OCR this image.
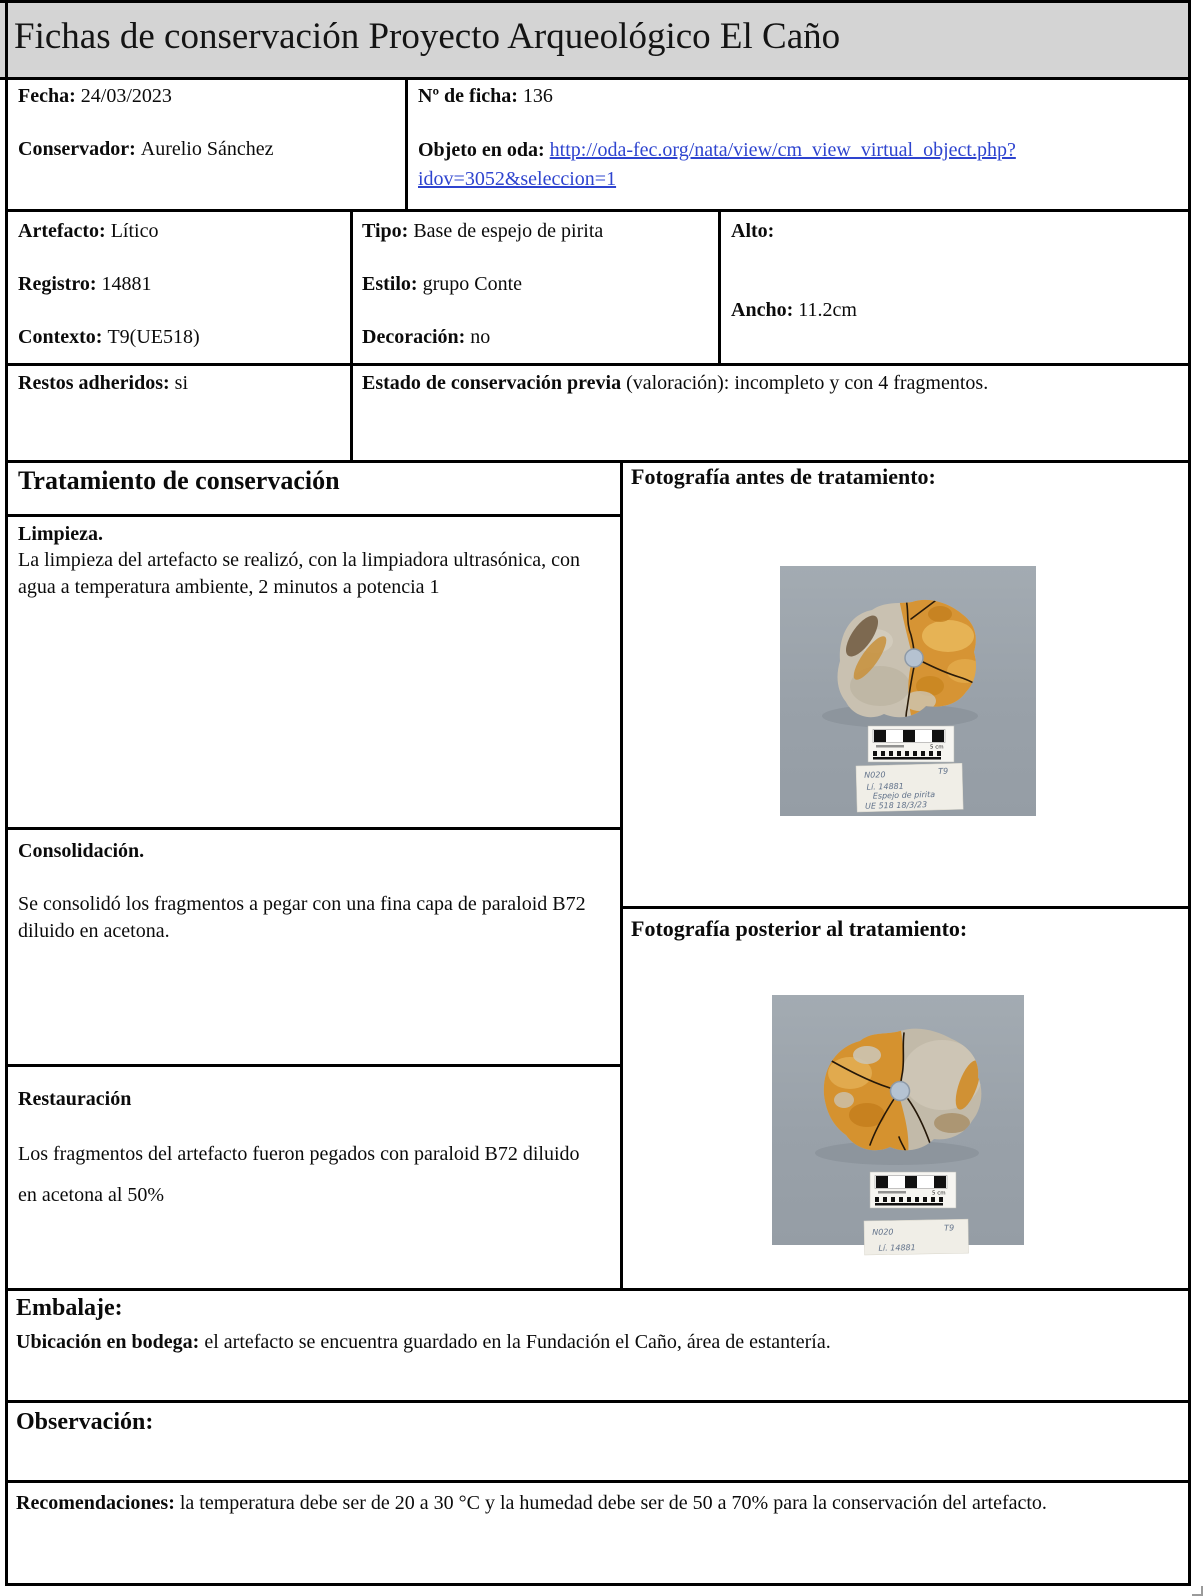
Fichas de conservación Proyecto Arqueológico El Caño

Fecha: 24/03/2023

Conservador: Aurelio Sánchez

Nº de ficha: 136

Objeto en oda: http://oda-fec.org/nata/view/cm_view_virtual_object.php?idov=3052&seleccion=1

Artefacto: Lítico

Registro: 14881

Contexto: T9(UE518)

Tipo: Base de espejo de pirita

Estilo: grupo Conte

Decoración: no

Alto:

Ancho: 11.2cm

Restos adheridos: si	Estado de conservación previa (valoración): incompleto y con 4 fragmentos.

Tratamiento de conservación
Limpieza.
La limpieza del artefacto se realizó, con la limpiadora ultrasónica, con agua a temperatura ambiente, 2 minutos a potencia 1
Consolidación.
Se consolidó los fragmentos a pegar con una fina capa de paraloid B72 diluido en acetona.
Restauración
Los fragmentos del artefacto fueron pegados con paraloid B72 diluido en acetona al 50%
Fotografía antes de tratamiento:
5 cm
N020	T9
Lí. 14881
Espejo de pirita
UE 518 18/3/23
Fotografía posterior al tratamiento:
5 cm
N020	T9
Lí. 14881
Embalaje:
Ubicación en bodega: el artefacto se encuentra guardado en la Fundación el Caño, área de estantería.
Observación:
Recomendaciones: la temperatura debe ser de 20 a 30 °C y la humedad debe ser de 50 a 70% para la conservación del artefacto.
